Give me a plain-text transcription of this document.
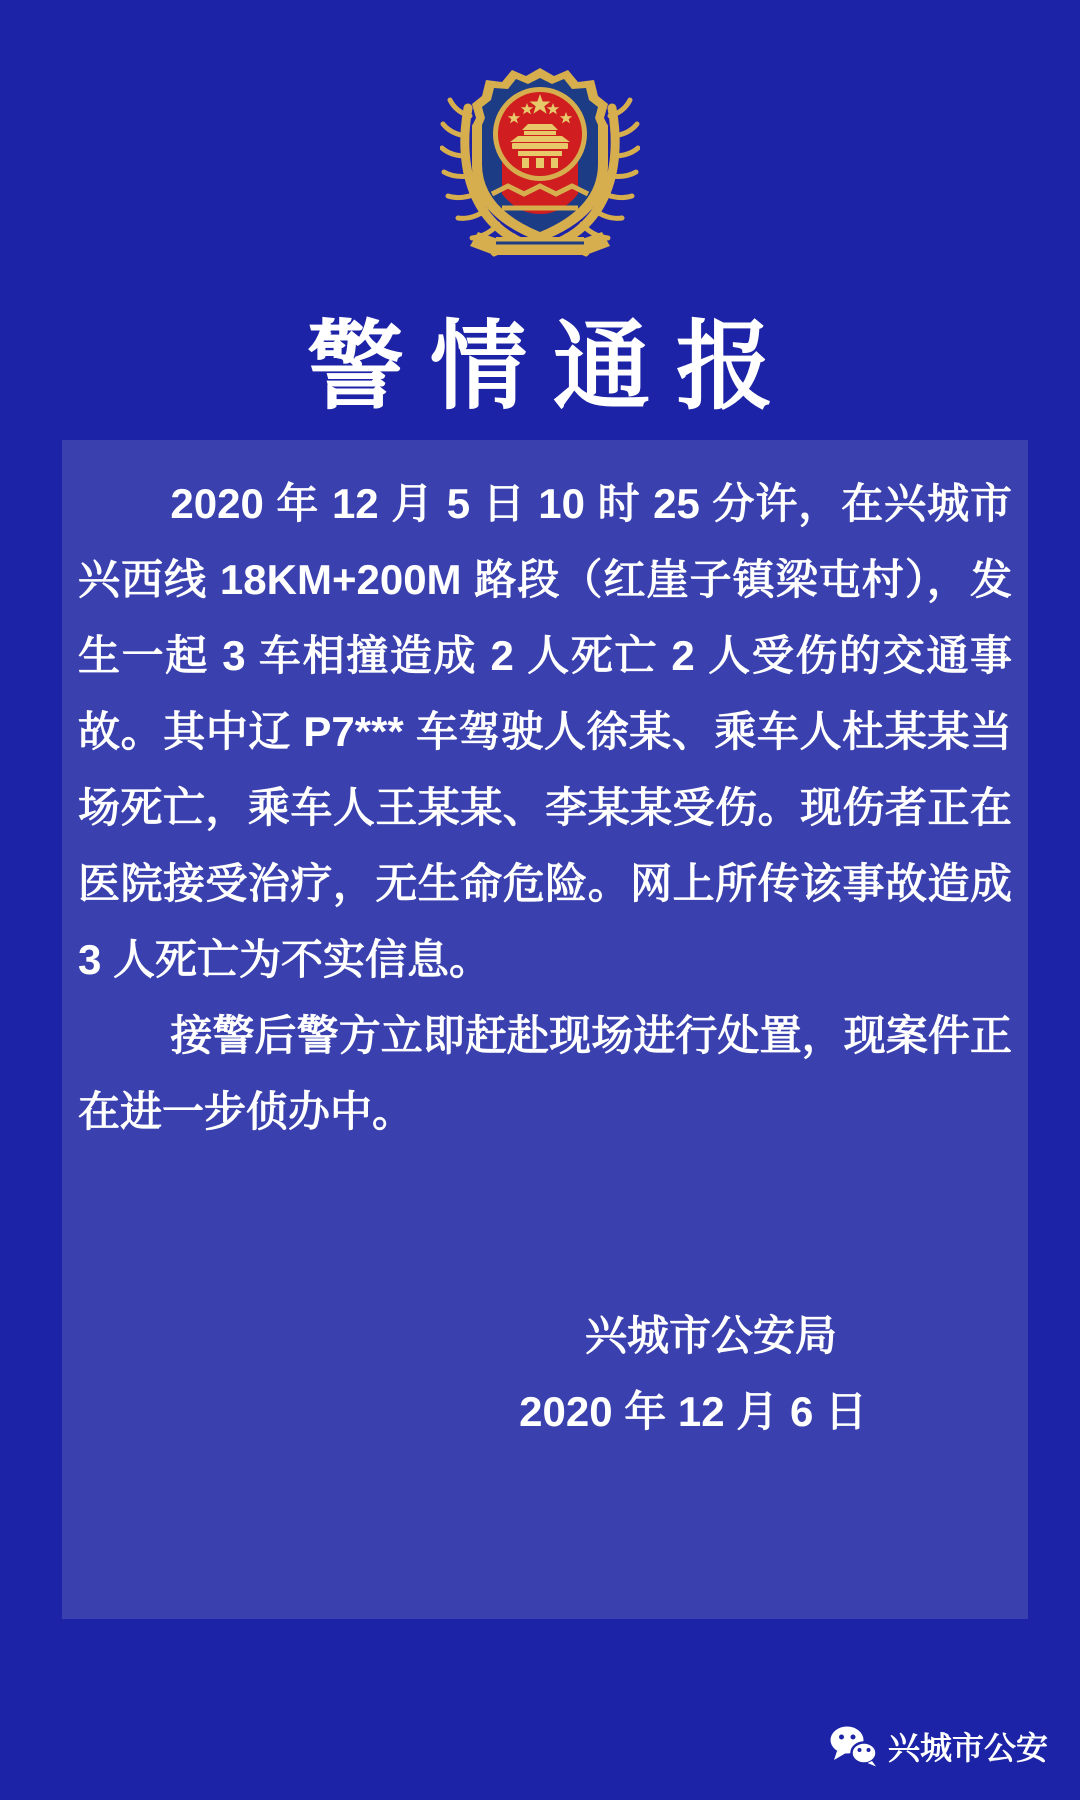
警情通报

2020 年 12 月 5 日 10 时 25 分许，在兴城市兴西线 18KM+200M 路段（红崖子镇梁屯村），发生一起 3 车相撞造成 2 人死亡 2 人受伤的交通事故。其中辽 P7*** 车驾驶人徐某、乘车人杜某某当场死亡，乘车人王某某、李某某受伤。现伤者正在医院接受治疗，无生命危险。网上所传该事故造成 3 人死亡为不实信息。

接警后警方立即赶赴现场进行处置，现案件正在进一步侦办中。

兴城市公安局
2020 年 12 月 6 日
兴城市公安
